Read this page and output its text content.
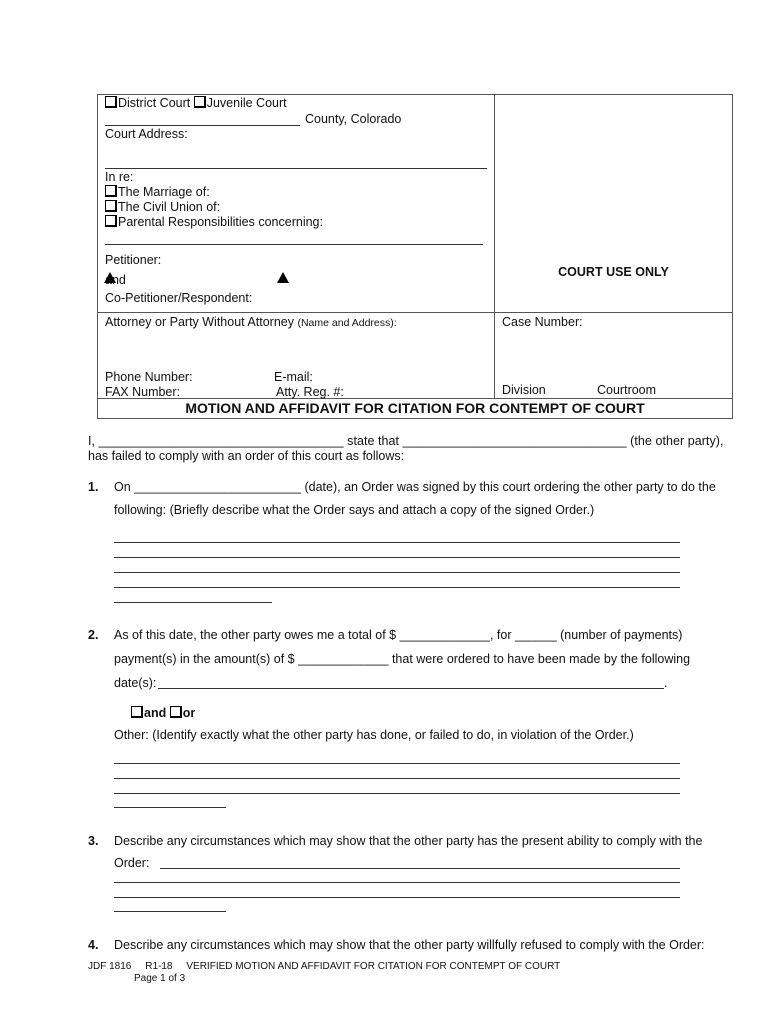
District Court Juvenile Court
County, Colorado
Court Address:
In re:
The Marriage of:
The Civil Union of:
Parental Responsibilities concerning:
Petitioner:
and
Co-Petitioner/Respondent:
COURT USE ONLY
Attorney or Party Without Attorney (Name and Address):	Case Number:
Phone Number:	E-mail:
FAX Number:	Atty. Reg. #:	Division	Courtroom
MOTION AND AFFIDAVIT FOR CITATION FOR CONTEMPT OF COURT
I, ___________________________________ state that ________________________________ (the other party),
has failed to comply with an order of this court as follows:
1. On ________________________ (date), an Order was signed by this court ordering the other party to do the
following: (Briefly describe what the Order says and attach a copy of the signed Order.)
2. As of this date, the other party owes me a total of $ _____________, for ______ (number of payments)
payment(s) in the amount(s) of $ _____________ that were ordered to have been made by the following
date(s):	.
and or
Other: (Identify exactly what the other party has done, or failed to do, in violation of the Order.)
3. Describe any circumstances which may show that the other party has the present ability to comply with the
Order:
4. Describe any circumstances which may show that the other party willfully refused to comply with the Order:
JDF 1816     R1-18     VERIFIED MOTION AND AFFIDAVIT FOR CITATION FOR CONTEMPT OF COURT
Page 1 of 3
